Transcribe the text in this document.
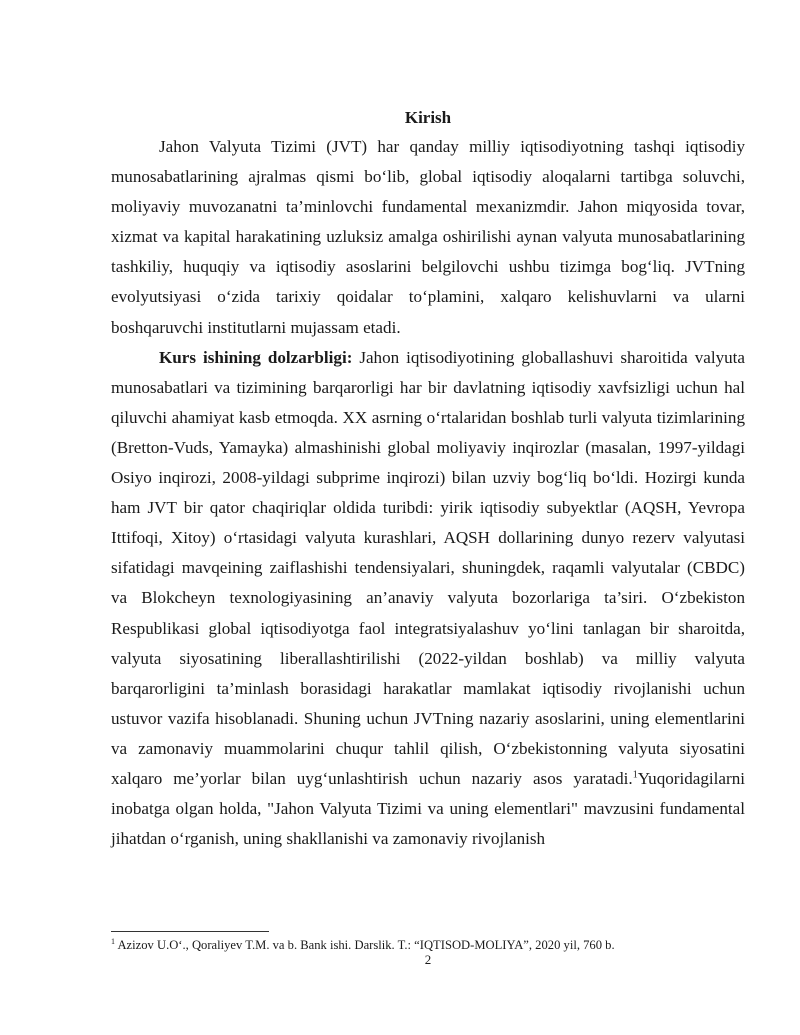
Kirish

Jahon Valyuta Tizimi (JVT) har qanday milliy iqtisodiyotning tashqi iqtisodiy munosabatlarining ajralmas qismi bo‘lib, global iqtisodiy aloqalarni tartibga soluvchi, moliyaviy muvozanatni ta’minlovchi fundamental mexanizmdir. Jahon miqyosida tovar, xizmat va kapital harakatining uzluksiz amalga oshirilishi aynan valyuta munosabatlarining tashkiliy, huquqiy va iqtisodiy asoslarini belgilovchi ushbu tizimga bog‘liq. JVTning evolyutsiyasi o‘zida tarixiy qoidalar to‘plamini, xalqaro kelishuvlarni va ularni boshqaruvchi institutlarni mujassam etadi.

Kurs ishining dolzarbligi: Jahon iqtisodiyotining globallashuvi sharoitida valyuta munosabatlari va tizimining barqarorligi har bir davlatning iqtisodiy xavfsizligi uchun hal qiluvchi ahamiyat kasb etmoqda. XX asrning o‘rtalaridan boshlab turli valyuta tizimlarining (Bretton-Vuds, Yamayka) almashinishi global moliyaviy inqirozlar (masalan, 1997-yildagi Osiyo inqirozi, 2008-yildagi subprime inqirozi) bilan uzviy bog‘liq bo‘ldi. Hozirgi kunda ham JVT bir qator chaqiriqlar oldida turibdi: yirik iqtisodiy subyektlar (AQSH, Yevropa Ittifoqi, Xitoy) o‘rtasidagi valyuta kurashlari, AQSH dollarining dunyo rezerv valyutasi sifatidagi mavqeining zaiflashishi tendensiyalari, shuningdek, raqamli valyutalar (CBDC) va Blokcheyn texnologiyasining an’anaviy valyuta bozorlariga ta’siri. O‘zbekiston Respublikasi global iqtisodiyotga faol integratsiyalashuv yo‘lini tanlagan bir sharoitda, valyuta siyosatining liberallashtirilishi (2022-yildan boshlab) va milliy valyuta barqarorligini ta’minlash borasidagi harakatlar mamlakat iqtisodiy rivojlanishi uchun ustuvor vazifa hisoblanadi. Shuning uchun JVTning nazariy asoslarini, uning elementlarini va zamonaviy muammolarini chuqur tahlil qilish, O‘zbekistonning valyuta siyosatini xalqaro me’yorlar bilan uyg‘unlashtirish uchun nazariy asos yaratadi.$^1$Yuqoridagilarni inobatga olgan holda, "Jahon Valyuta Tizimi va uning elementlari" mavzusini fundamental jihatdan o‘rganish, uning shakllanishi va zamonaviy rivojlanish

$^1$ Azizov U.O‘., Qoraliyev T.M. va b. Bank ishi. Darslik. T.: “IQTISOD-MOLIYA”, 2020 yil, 760 b.
2
